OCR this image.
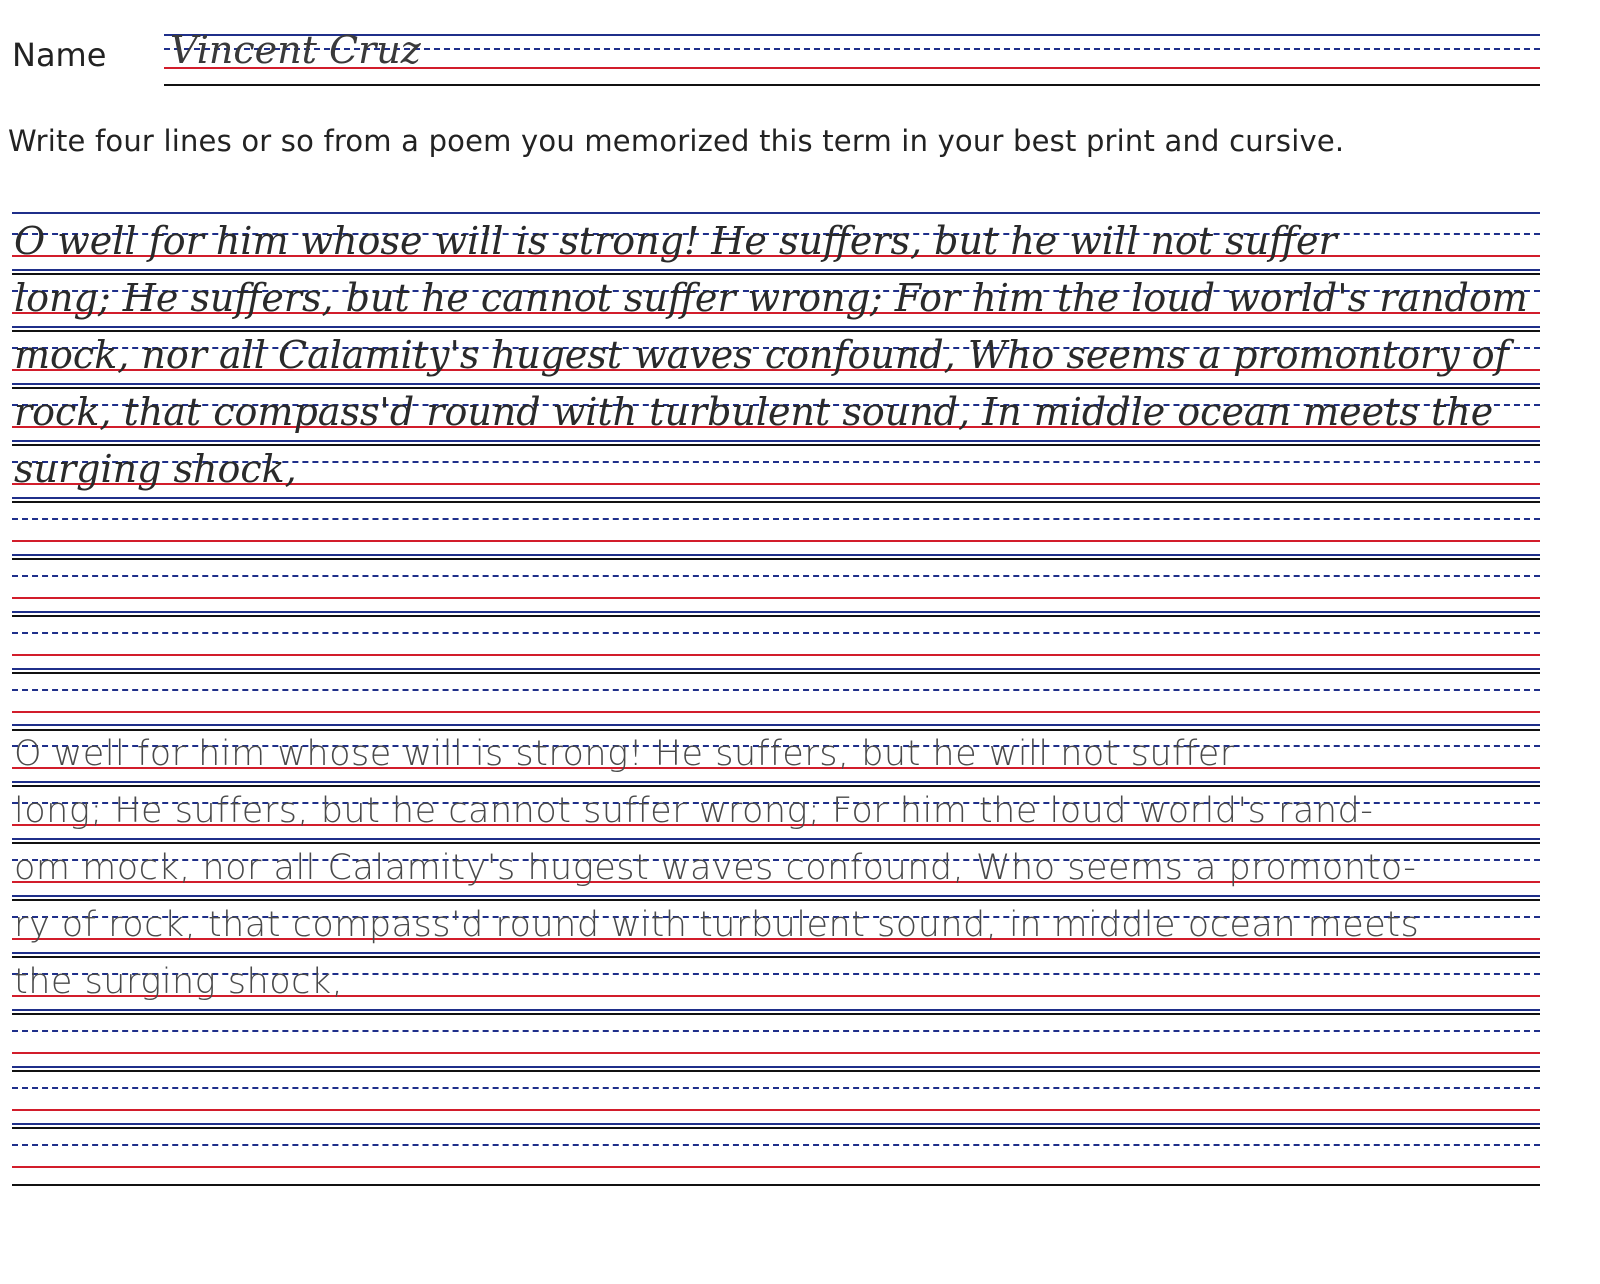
Name Vincent Cruz
Write four lines or so from a poem you memorized this term in your best print and cursive.
O well for him whose will is strong! He suffers, but he will not suffer
long; He suffers, but he cannot suffer wrong; For him the loud world's random
mock, nor all Calamity's hugest waves confound, Who seems a promontory of
rock, that compass'd round with turbulent sound, In middle ocean meets the
surging shock,
O well for him whose will is strong! He suffers, but he will not suffer
long; He suffers, but he cannot suffer wrong; For him the loud world's rand-
om mock, nor all Calamity's hugest waves confound, Who seems a promonto-
ry of rock, that compass'd round with turbulent sound, in middle ocean meets
the surging shock,
